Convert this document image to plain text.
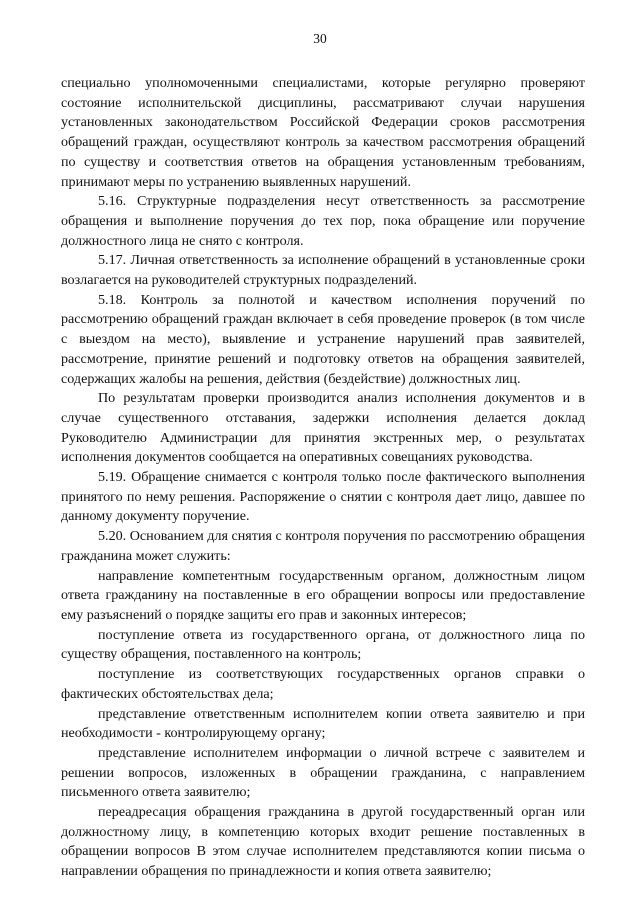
30

специально уполномоченными специалистами, которые регулярно проверяют состояние исполнительской дисциплины, рассматривают случаи нарушения установленных законодательством Российской Федерации сроков рассмотрения обращений граждан, осуществляют контроль за качеством рассмотрения обращений по существу и соответствия ответов на обращения установленным требованиям, принимают меры по устранению выявленных нарушений.

5.16. Структурные подразделения несут ответственность за рассмотрение обращения и выполнение поручения до тех пор, пока обращение или поручение должностного лица не снято с контроля.

5.17. Личная ответственность за исполнение обращений в установленные сроки возлагается на руководителей структурных подразделений.

5.18. Контроль за полнотой и качеством исполнения поручений по рассмотрению обращений граждан включает в себя проведение проверок (в том числе с выездом на место), выявление и устранение нарушений прав заявителей, рассмотрение, принятие решений и подготовку ответов на обращения заявителей, содержащих жалобы на решения, действия (бездействие) должностных лиц.

По результатам проверки производится анализ исполнения документов и в случае существенного отставания, задержки исполнения делается доклад Руководителю Администрации для принятия экстренных мер, о результатах исполнения документов сообщается на оперативных совещаниях руководства.

5.19. Обращение снимается с контроля только после фактического выполнения принятого по нему решения. Распоряжение о снятии с контроля дает лицо, давшее по данному документу поручение.

5.20. Основанием для снятия с контроля поручения по рассмотрению обращения гражданина может служить:

направление компетентным государственным органом, должностным лицом ответа гражданину на поставленные в его обращении вопросы или предоставление ему разъяснений о порядке защиты его прав и законных интересов;

поступление ответа из государственного органа, от должностного лица по существу обращения, поставленного на контроль;

поступление из соответствующих государственных органов справки о фактических обстоятельствах дела;

представление ответственным исполнителем копии ответа заявителю и при необходимости - контролирующему органу;

представление исполнителем информации о личной встрече с заявителем и решении вопросов, изложенных в обращении гражданина, с направлением письменного ответа заявителю;

переадресация обращения гражданина в другой государственный орган или должностному лицу, в компетенцию которых входит решение поставленных в обращении вопросов В этом случае исполнителем представляются копии письма о направлении обращения по принадлежности и копия ответа заявителю;
